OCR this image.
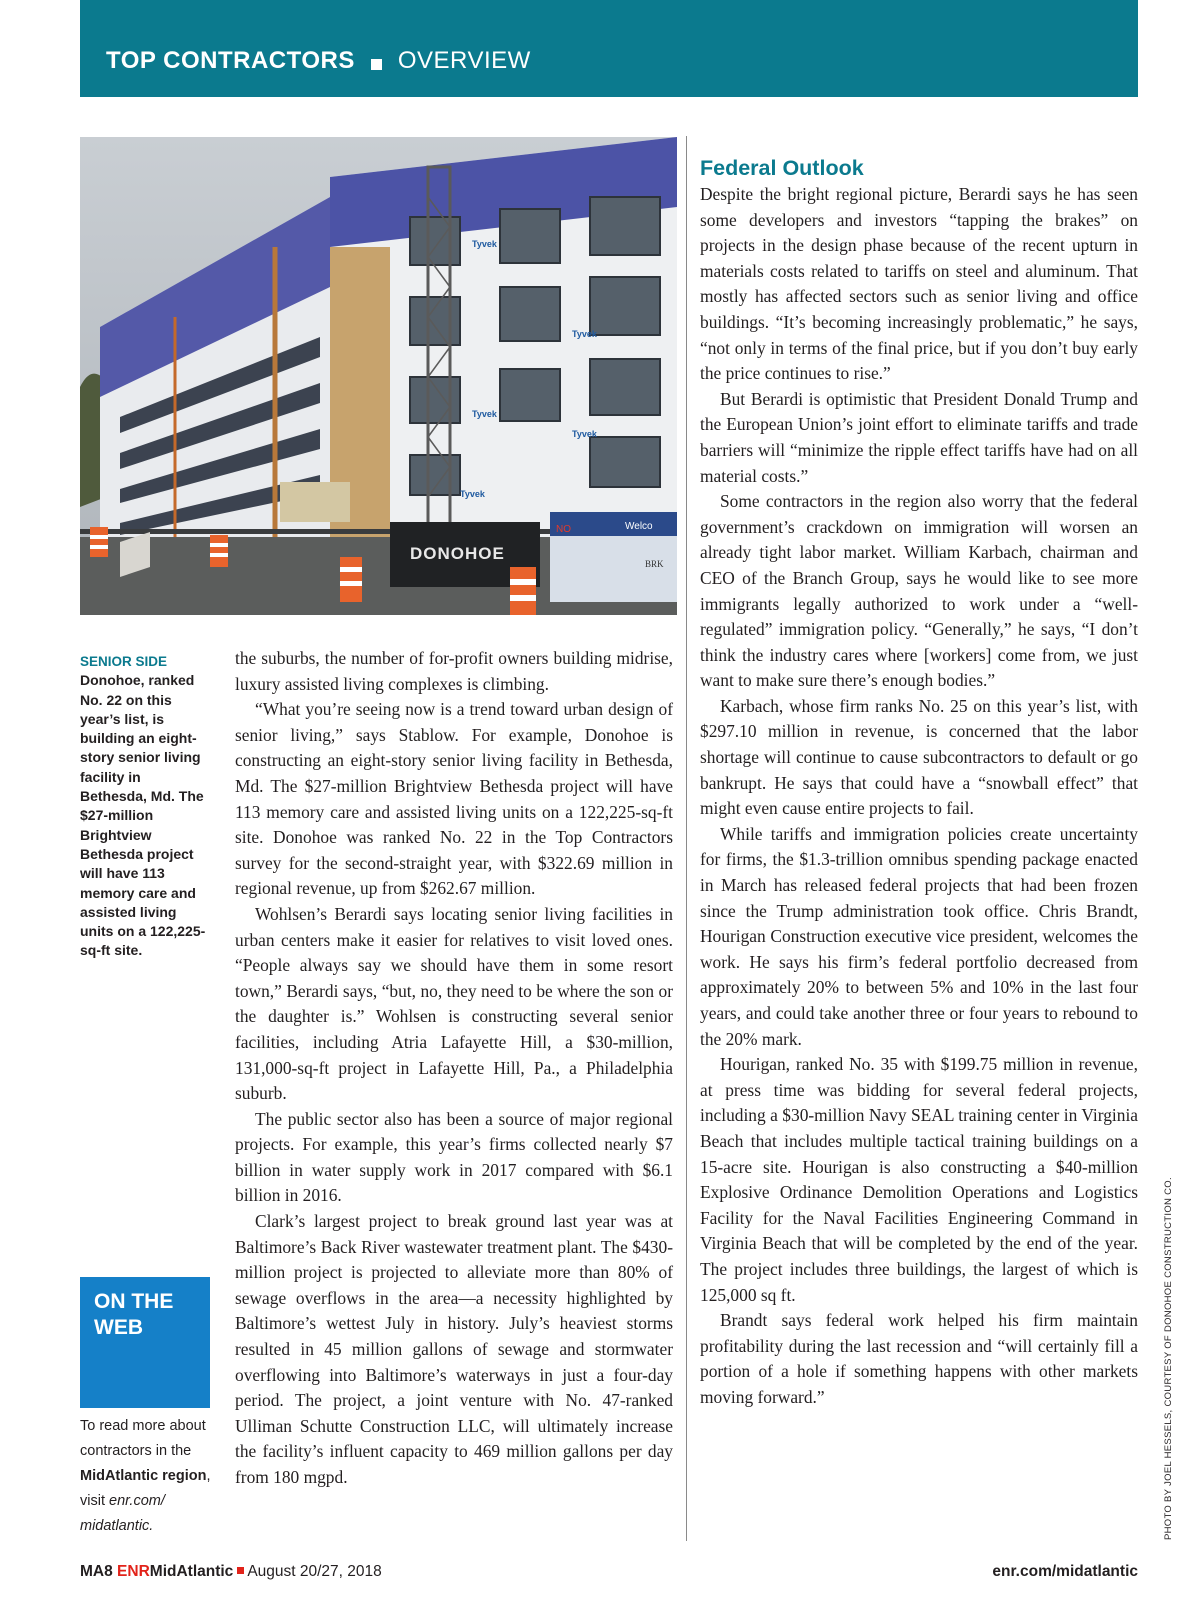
TOP CONTRACTORS OVERVIEW
Tyvek
Tyvek
Tyvek
Tyvek
Tyvek
DONOHOE
Welco
NO
BRK
SENIOR SIDE
Donohoe, ranked No. 22 on this year’s list, is building an eight-story senior living facility in Bethesda, Md. The $27-million Brightview Bethesda project will have 113 memory care and assisted living units on a 122,225-sq-ft site.
ON THE
WEB
To read more about contractors in the MidAtlantic region, visit enr.com/ midatlantic.

the suburbs, the number of for-profit owners building midrise, luxury assisted living complexes is climbing.

“What you’re seeing now is a trend toward urban design of senior living,” says Stablow. For example, Donohoe is constructing an eight-story senior living facility in Bethesda, Md. The $27-million Brightview Bethesda project will have 113 memory care and assisted living units on a 122,225-sq-ft site. Donohoe was ranked No. 22 in the Top Contractors survey for the second-straight year, with $322.69 million in regional revenue, up from $262.67 million.

Wohlsen’s Berardi says locating senior living facilities in urban centers make it easier for relatives to visit loved ones. “People always say we should have them in some resort town,” Berardi says, “but, no, they need to be where the son or the daughter is.” Wohlsen is constructing several senior facilities, including Atria Lafayette Hill, a $30-million, 131,000-sq-ft project in Lafayette Hill, Pa., a Philadelphia suburb.

The public sector also has been a source of major regional projects. For example, this year’s firms collected nearly $7 billion in water supply work in 2017 compared with $6.1 billion in 2016.

Clark’s largest project to break ground last year was at Baltimore’s Back River wastewater treatment plant. The $430-million project is projected to alleviate more than 80% of sewage overflows in the area—a necessity highlighted by Baltimore’s wettest July in history. July’s heaviest storms resulted in 45 million gallons of sewage and stormwater overflowing into Baltimore’s waterways in just a four-day period. The project, a joint venture with No. 47-ranked Ulliman Schutte Construction LLC, will ultimately increase the facility’s influent capacity to 469 million gallons per day from 180 mgpd.

Federal Outlook

Despite the bright regional picture, Berardi says he has seen some developers and investors “tapping the brakes” on projects in the design phase because of the recent upturn in materials costs related to tariffs on steel and aluminum. That mostly has affected sectors such as senior living and office buildings. “It’s becoming increasingly problematic,” he says, “not only in terms of the final price, but if you don’t buy early the price continues to rise.”

But Berardi is optimistic that President Donald Trump and the European Union’s joint effort to eliminate tariffs and trade barriers will “minimize the ripple effect tariffs have had on all material costs.”

Some contractors in the region also worry that the federal government’s crackdown on immigration will worsen an already tight labor market. William Karbach, chairman and CEO of the Branch Group, says he would like to see more immigrants legally authorized to work under a “well-regulated” immigration policy. “Generally,” he says, “I don’t think the industry cares where [workers] come from, we just want to make sure there’s enough bodies.”

Karbach, whose firm ranks No. 25 on this year’s list, with $297.10 million in revenue, is concerned that the labor shortage will continue to cause subcontractors to default or go bankrupt. He says that could have a “snowball effect” that might even cause entire projects to fail.

While tariffs and immigration policies create uncertainty for firms, the $1.3-trillion omnibus spending package enacted in March has released federal projects that had been frozen since the Trump administration took office. Chris Brandt, Hourigan Construction executive vice president, welcomes the work. He says his firm’s federal portfolio decreased from approximately 20% to between 5% and 10% in the last four years, and could take another three or four years to rebound to the 20% mark.

Hourigan, ranked No. 35 with $199.75 million in revenue, at press time was bidding for several federal projects, including a $30-million Navy SEAL training center in Virginia Beach that includes multiple tactical training buildings on a 15-acre site. Hourigan is also constructing a $40-million Explosive Ordinance Demolition Operations and Logistics Facility for the Naval Facilities Engineering Command in Virginia Beach that will be completed by the end of the year. The project includes three buildings, the largest of which is 125,000 sq ft.

Brandt says federal work helped his firm maintain profitability during the last recession and “will certainly fill a portion of a hole if something happens with other markets moving forward.”	PHOTO BY JOEL HESSELS, COURTESY OF DONOHOE CONSTRUCTION CO.
MA8 ENRMidAtlantic August 20/27, 2018	enr.com/midatlantic
